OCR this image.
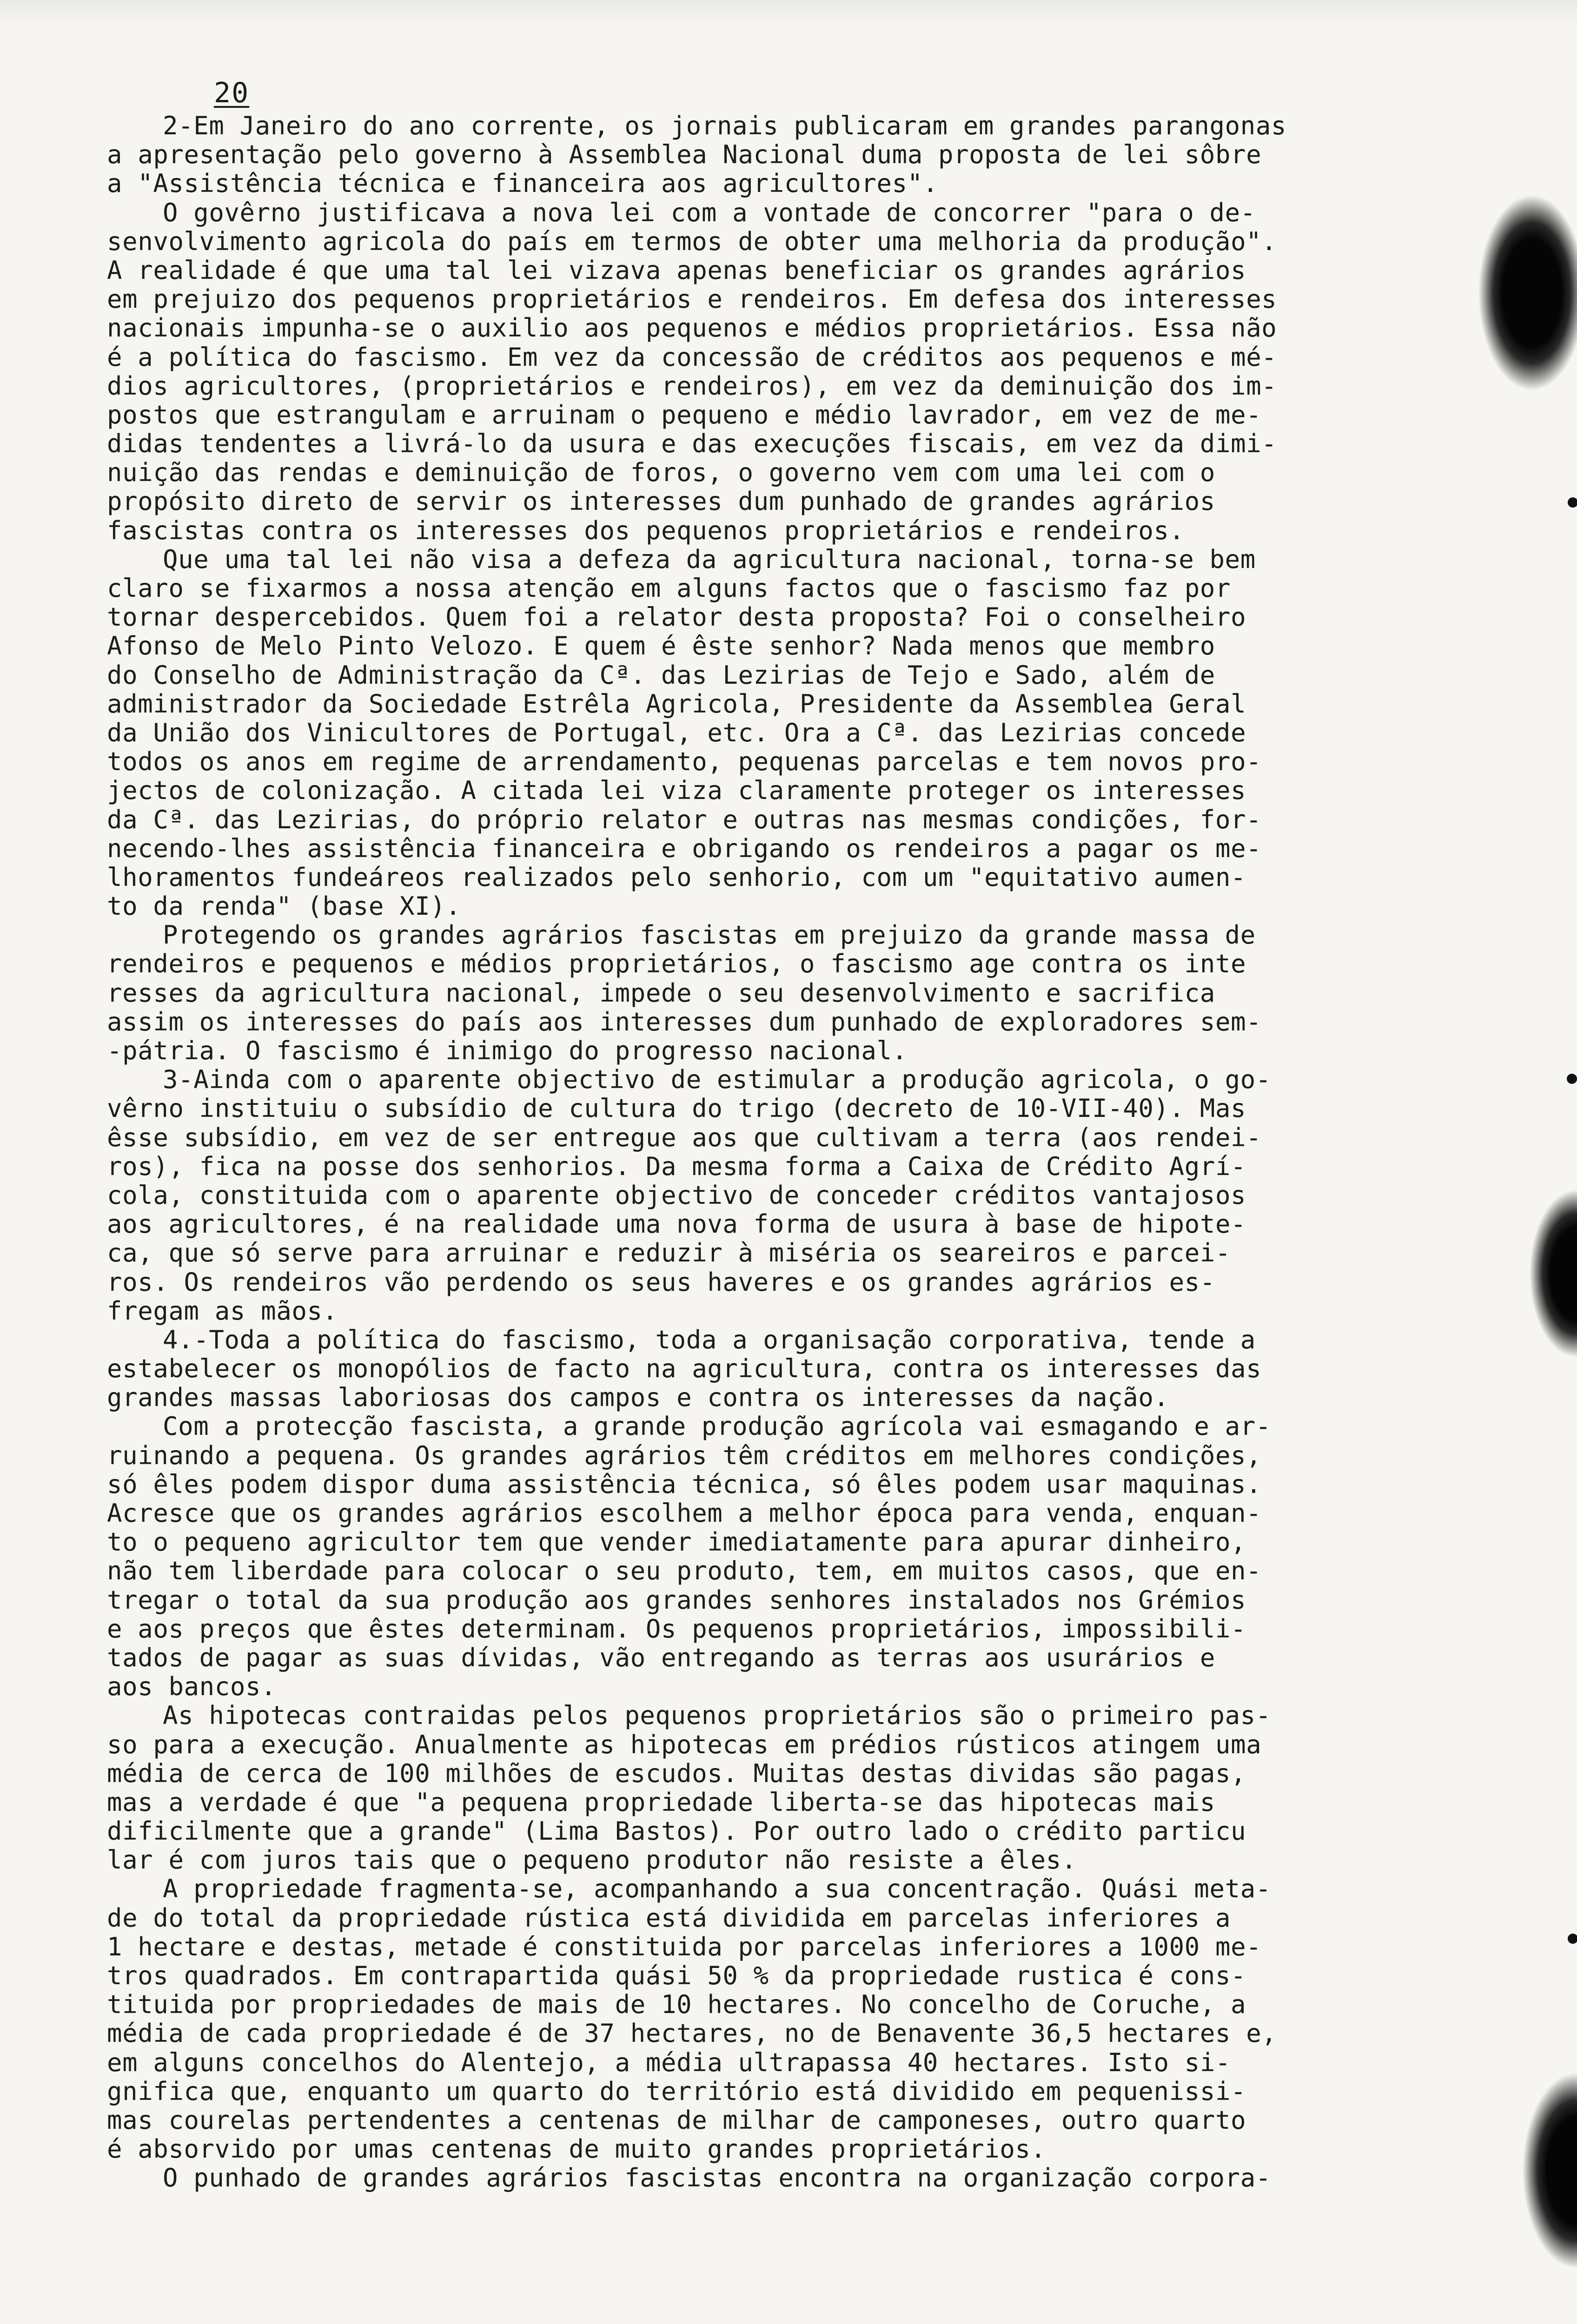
20
2-Em Janeiro do ano corrente, os jornais publicaram em grandes parangonas
a apresentação pelo governo à Assemblea Nacional duma proposta de lei sôbre
a "Assistência técnica e financeira aos agricultores".
O govêrno justificava a nova lei com a vontade de concorrer "para o de-
senvolvimento agricola do país em termos de obter uma melhoria da produção".
A realidade é que uma tal lei vizava apenas beneficiar os grandes agrários
em prejuizo dos pequenos proprietários e rendeiros. Em defesa dos interesses
nacionais impunha-se o auxilio aos pequenos e médios proprietários. Essa não
é a política do fascismo. Em vez da concessão de créditos aos pequenos e mé-
dios agricultores, (proprietários e rendeiros), em vez da deminuição dos im-
postos que estrangulam e arruinam o pequeno e médio lavrador, em vez de me-
didas tendentes a livrá-lo da usura e das execuções fiscais, em vez da dimi-
nuição das rendas e deminuição de foros, o governo vem com uma lei com o
propósito direto de servir os interesses dum punhado de grandes agrários
fascistas contra os interesses dos pequenos proprietários e rendeiros.
Que uma tal lei não visa a defeza da agricultura nacional, torna-se bem
claro se fixarmos a nossa atenção em alguns factos que o fascismo faz por
tornar despercebidos. Quem foi a relator desta proposta? Foi o conselheiro
Afonso de Melo Pinto Velozo. E quem é êste senhor? Nada menos que membro
do Conselho de Administração da Cª. das Lezirias de Tejo e Sado, além de
administrador da Sociedade Estrêla Agricola, Presidente da Assemblea Geral
da União dos Vinicultores de Portugal, etc. Ora a Cª. das Lezirias concede
todos os anos em regime de arrendamento, pequenas parcelas e tem novos pro-
jectos de colonização. A citada lei viza claramente proteger os interesses
da Cª. das Lezirias, do próprio relator e outras nas mesmas condições, for-
necendo-lhes assistência financeira e obrigando os rendeiros a pagar os me-
lhoramentos fundeáreos realizados pelo senhorio, com um "equitativo aumen-
to da renda" (base XI).
Protegendo os grandes agrários fascistas em prejuizo da grande massa de
rendeiros e pequenos e médios proprietários, o fascismo age contra os inte
resses da agricultura nacional, impede o seu desenvolvimento e sacrifica
assim os interesses do país aos interesses dum punhado de exploradores sem-
-pátria. O fascismo é inimigo do progresso nacional.
3-Ainda com o aparente objectivo de estimular a produção agricola, o go-
vêrno instituiu o subsídio de cultura do trigo (decreto de 10-VII-40). Mas
êsse subsídio, em vez de ser entregue aos que cultivam a terra (aos rendei-
ros), fica na posse dos senhorios. Da mesma forma a Caixa de Crédito Agrí-
cola, constituida com o aparente objectivo de conceder créditos vantajosos
aos agricultores, é na realidade uma nova forma de usura à base de hipote-
ca, que só serve para arruinar e reduzir à miséria os seareiros e parcei-
ros. Os rendeiros vão perdendo os seus haveres e os grandes agrários es-
fregam as mãos.
4.-Toda a política do fascismo, toda a organisação corporativa, tende a
estabelecer os monopólios de facto na agricultura, contra os interesses das
grandes massas laboriosas dos campos e contra os interesses da nação.
Com a protecção fascista, a grande produção agrícola vai esmagando e ar-
ruinando a pequena. Os grandes agrários têm créditos em melhores condições,
só êles podem dispor duma assistência técnica, só êles podem usar maquinas.
Acresce que os grandes agrários escolhem a melhor época para venda, enquan-
to o pequeno agricultor tem que vender imediatamente para apurar dinheiro,
não tem liberdade para colocar o seu produto, tem, em muitos casos, que en-
tregar o total da sua produção aos grandes senhores instalados nos Grémios
e aos preços que êstes determinam. Os pequenos proprietários, impossibili-
tados de pagar as suas dívidas, vão entregando as terras aos usurários e
aos bancos.
As hipotecas contraidas pelos pequenos proprietários são o primeiro pas-
so para a execução. Anualmente as hipotecas em prédios rústicos atingem uma
média de cerca de 100 milhões de escudos. Muitas destas dividas são pagas,
mas a verdade é que "a pequena propriedade liberta-se das hipotecas mais
dificilmente que a grande" (Lima Bastos). Por outro lado o crédito particu
lar é com juros tais que o pequeno produtor não resiste a êles.
A propriedade fragmenta-se, acompanhando a sua concentração. Quási meta-
de do total da propriedade rústica está dividida em parcelas inferiores a
1 hectare e destas, metade é constituida por parcelas inferiores a 1000 me-
tros quadrados. Em contrapartida quási 50 % da propriedade rustica é cons-
tituida por propriedades de mais de 10 hectares. No concelho de Coruche, a
média de cada propriedade é de 37 hectares, no de Benavente 36,5 hectares e,
em alguns concelhos do Alentejo, a média ultrapassa 40 hectares. Isto si-
gnifica que, enquanto um quarto do território está dividido em pequenissi-
mas courelas pertendentes a centenas de milhar de camponeses, outro quarto
é absorvido por umas centenas de muito grandes proprietários.
O punhado de grandes agrários fascistas encontra na organização corpora-
